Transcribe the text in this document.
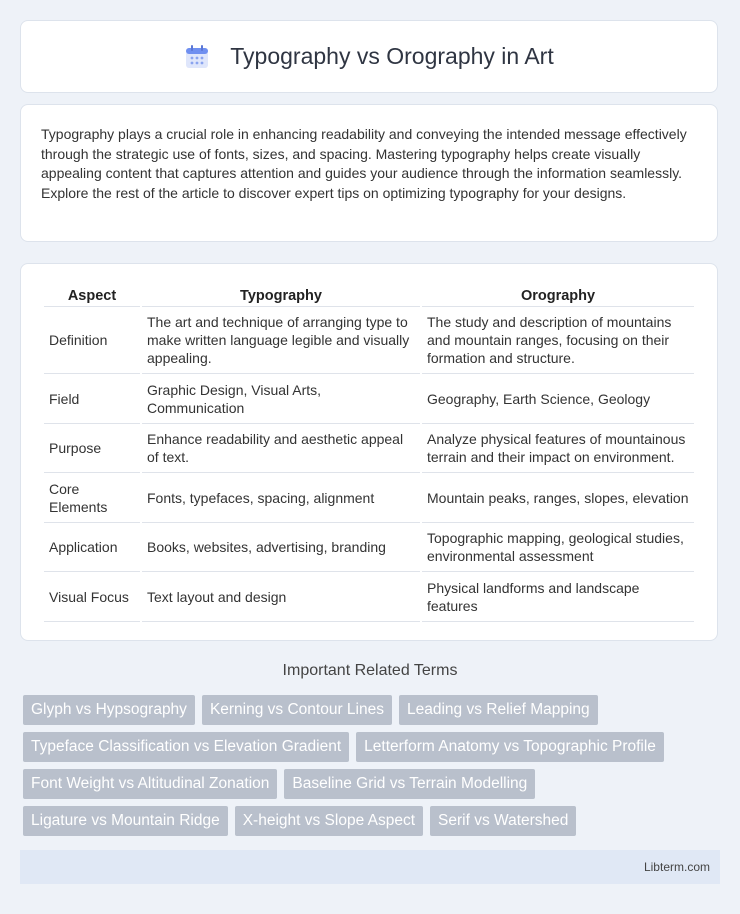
Typography vs Orography in Art

Typography plays a crucial role in enhancing readability and conveying the intended message effectively through the strategic use of fonts, sizes, and spacing. Mastering typography helps create visually appealing content that captures attention and guides your audience through the information seamlessly. Explore the rest of the article to discover expert tips on optimizing typography for your designs.

Aspect	Typography	Orography
Definition	The art and technique of arranging type to make written language legible and visually appealing.	The study and description of mountains and mountain ranges, focusing on their formation and structure.
Field	Graphic Design, Visual Arts, Communication	Geography, Earth Science, Geology
Purpose	Enhance readability and aesthetic appeal of text.	Analyze physical features of mountainous terrain and their impact on environment.
Core Elements	Fonts, typefaces, spacing, alignment	Mountain peaks, ranges, slopes, elevation
Application	Books, websites, advertising, branding	Topographic mapping, geological studies, environmental assessment
Visual Focus	Text layout and design	Physical landforms and landscape features
Important Related Terms
Glyph vs Hypsography	Kerning vs Contour Lines	Leading vs Relief Mapping
Typeface Classification vs Elevation Gradient	Letterform Anatomy vs Topographic Profile
Font Weight vs Altitudinal Zonation	Baseline Grid vs Terrain Modelling
Ligature vs Mountain Ridge	X-height vs Slope Aspect	Serif vs Watershed
Libterm.com
